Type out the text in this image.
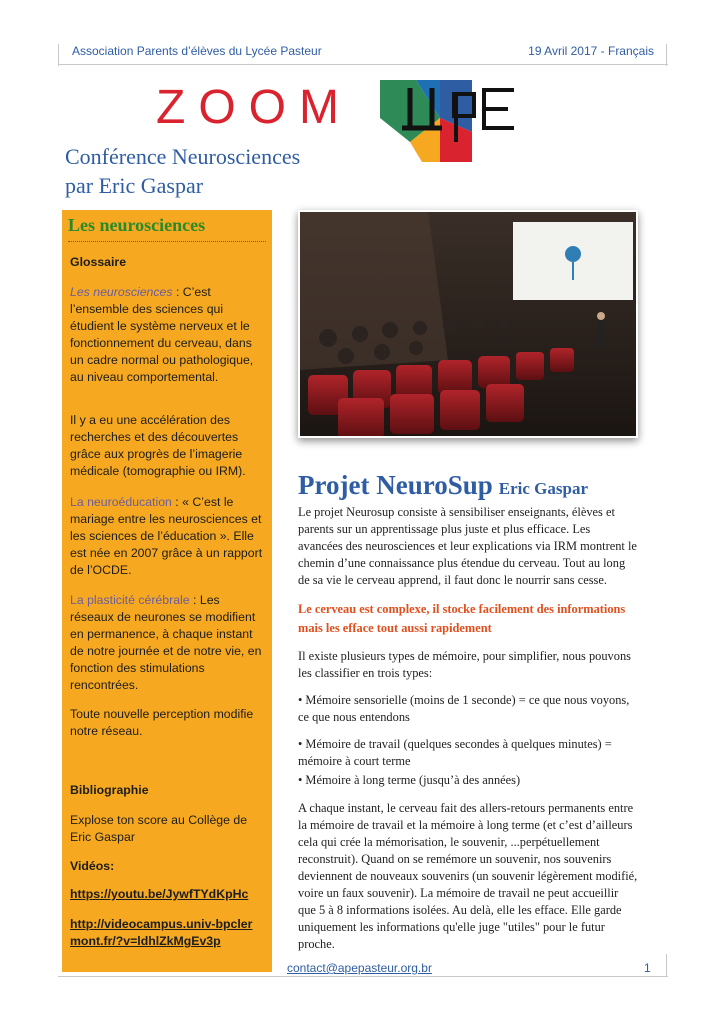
Association Parents d’élèves du Lycée Pasteur	19 Avril 2017 - Français
ZOOM
Conférence Neurosciences
par Eric Gaspar
Les neurosciences
Glossaire
Les neurosciences : C’est l’ensemble des sciences qui étudient le système nerveux et le fonctionnement du cerveau, dans un cadre normal ou pathologique, au niveau comportemental.
Il y a eu une accélération des recherches et des découvertes grâce aux progrès de l’imagerie médicale (tomographie ou IRM).
La neuroéducation : « C’est le mariage entre les neurosciences et les sciences de l’éducation ». Elle est née en 2007 grâce à un rapport de l’OCDE.
La plasticité cérébrale : Les réseaux de neurones se modifient en permanence, à chaque instant de notre journée et de notre vie, en fonction des stimulations rencontrées.
Toute nouvelle perception modifie notre réseau.
Bibliographie
Explose ton score au Collège de Eric Gaspar
Vidéos:
https://youtu.be/JywfTYdKpHc
http://videocampus.univ-bpclermont.fr/?v=ldhlZkMgEv3p
Projet NeuroSup Eric Gaspar
Le projet Neurosup consiste à sensibiliser enseignants, élèves et parents sur un apprentissage plus juste et plus efficace. Les avancées des neurosciences et leur explications via IRM montrent le chemin d’une connaissance plus étendue du cerveau. Tout au long de sa vie le cerveau apprend, il faut donc le nourrir sans cesse.
Le cerveau est complexe, il stocke facilement des informations mais les efface tout aussi rapidement
Il existe plusieurs types de mémoire, pour simplifier, nous pouvons les classifier en trois types:
• Mémoire sensorielle (moins de 1 seconde) = ce que nous voyons, ce que nous entendons
• Mémoire de travail (quelques secondes à quelques minutes) = mémoire à court terme
• Mémoire à long terme (jusqu’à des années)
A chaque instant, le cerveau fait des allers-retours permanents entre la mémoire de travail et la mémoire à long terme (et c’est d’ailleurs cela qui crée la mémorisation, le souvenir, ...perpétuellement reconstruit). Quand on se remémore un souvenir, nos souvenirs deviennent de nouveaux souvenirs (un souvenir légèrement modifié, voire un faux souvenir). La mémoire de travail ne peut accueillir que 5 à 8 informations isolées. Au delà, elle les efface. Elle garde uniquement les informations qu'elle juge "utiles" pour le futur proche.
contact@apepasteur.org.br	1
